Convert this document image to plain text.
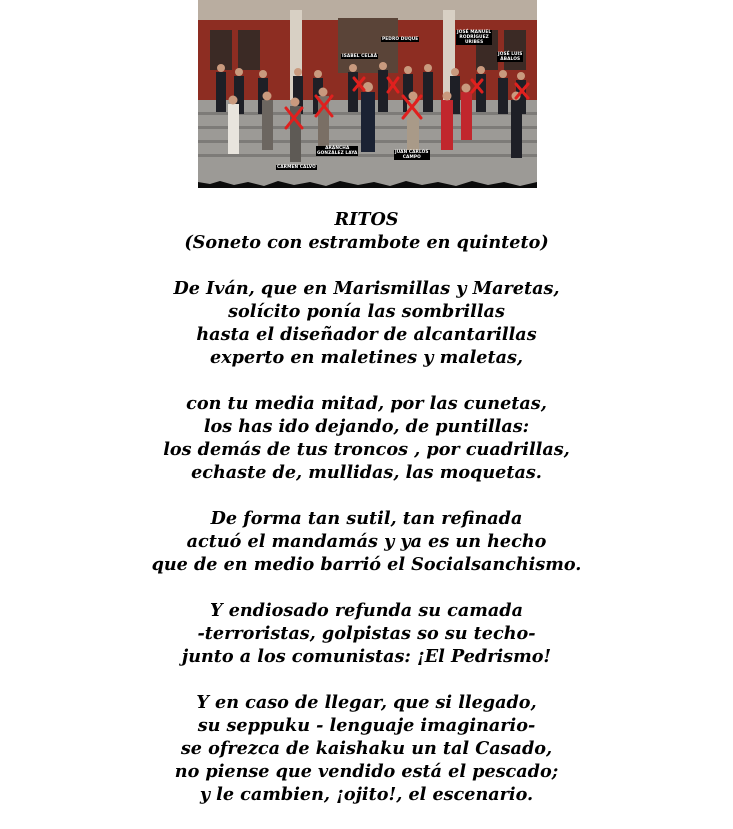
ISABEL CELAÁ
PEDRO DUQUE
JOSÉ MANUEL
RODRÍGUEZ
URIBES
JOSÉ LUIS
ÁBALOS
ARANCHA
GONZÁLEZ LAYA	JUAN CARLOS
CAMPO
CARMEN CALVO
RITOS
(Soneto con estrambote en quinteto)
De Iván, que en Marismillas y Maretas,
solícito ponía las sombrillas
hasta el diseñador de alcantarillas
experto en maletines y maletas,
con tu media mitad, por las cunetas,
los has ido dejando, de puntillas:
los demás de tus troncos , por cuadrillas,
echaste de, mullidas, las moquetas.
De forma tan sutil, tan refinada
actuó el mandamás y ya es un hecho
que de en medio barrió el Socialsanchismo.
Y endiosado refunda su camada
-terroristas, golpistas so su techo-
junto a los comunistas: ¡El Pedrismo!
Y en caso de llegar, que si llegado,
su seppuku - lenguaje imaginario-
se ofrezca de kaishaku un tal Casado,
no piense que vendido está el pescado;
y le cambien, ¡ojito!, el escenario.
